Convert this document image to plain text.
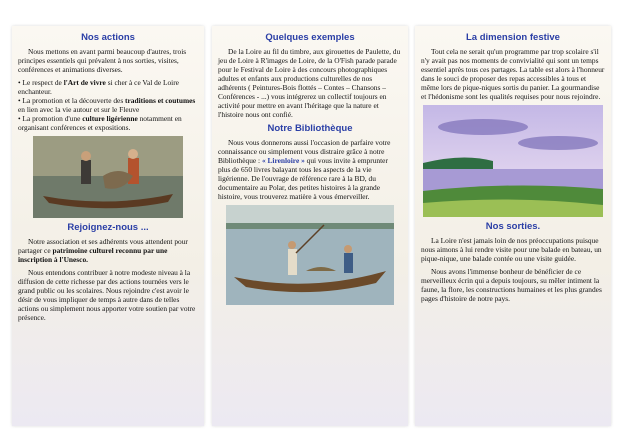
Nos actions

Nous mettons en avant parmi beaucoup d'autres, trois principes essentiels qui prévalent à nos sorties, visites, conférences et animations diverses.

• Le respect de l'Art de vivre si cher à ce Val de Loire enchanteur.
• La promotion et la découverte des traditions et coutumes en lien avec la vie autour et sur le Fleuve
• La promotion d'une culture ligérienne notamment en organisant conférences et expositions.
Rejoignez-nous ...

Notre association et ses adhérents vous attendent pour partager ce patrimoine culturel reconnu par une inscription à l'Unesco.

Nous entendons contribuer à notre modeste niveau à la diffusion de cette richesse par des actions tournées vers le grand public ou les scolaires. Nous rejoindre c'est avoir le désir de vous impliquer de temps à autre dans de telles actions ou simplement nous apporter votre soutien par votre présence.

Quelques exemples

De la Loire au fil du timbre, aux girouettes de Paulette, du jeu de Loire à R'images de Loire, de la O'Fish parade parade pour le Festival de Loire à des concours photographiques adultes et enfants aux productions culturelles de nos adhérents ( Peintures-Bois flottés – Contes – Chansons – Conférences - ...) vous intégrerez un collectif toujours en activité pour mettre en avant l'héritage que la nature et l'histoire nous ont confié.

Notre Bibliothèque

Nous vous donnerons aussi l'occasion de parfaire votre connaissance ou simplement vous distraire grâce à notre Bibliothèque : « Lirenloire » qui vous invite à emprunter plus de 650 livres balayant tous les aspects de la vie ligérienne. De l'ouvrage de référence rare à la BD, du documentaire au Polar, des petites histoires à la grande histoire, vous trouverez matière à vous émerveiller.

La dimension festive

Tout cela ne serait qu'un programme par trop scolaire s'il n'y avait pas nos moments de convivialité qui sont un temps essentiel après tous ces partages. La table est alors à l'honneur dans le souci de proposer des repas accessibles à tous et même lors de pique-niques sortis du panier. La gourmandise et l'hédonisme sont les qualités requises pour nous rejoindre.

Nos sorties.

La Loire n'est jamais loin de nos préoccupations puisque nous aimons à lui rendre visite pour une balade en bateau, un pique-nique, une balade contée ou une visite guidée.

Nous avons l'immense bonheur de bénéficier de ce merveilleux écrin qui a depuis toujours, su mêler intiment la faune, la flore, les constructions humaines et les plus grandes pages d'histoire de notre pays.
